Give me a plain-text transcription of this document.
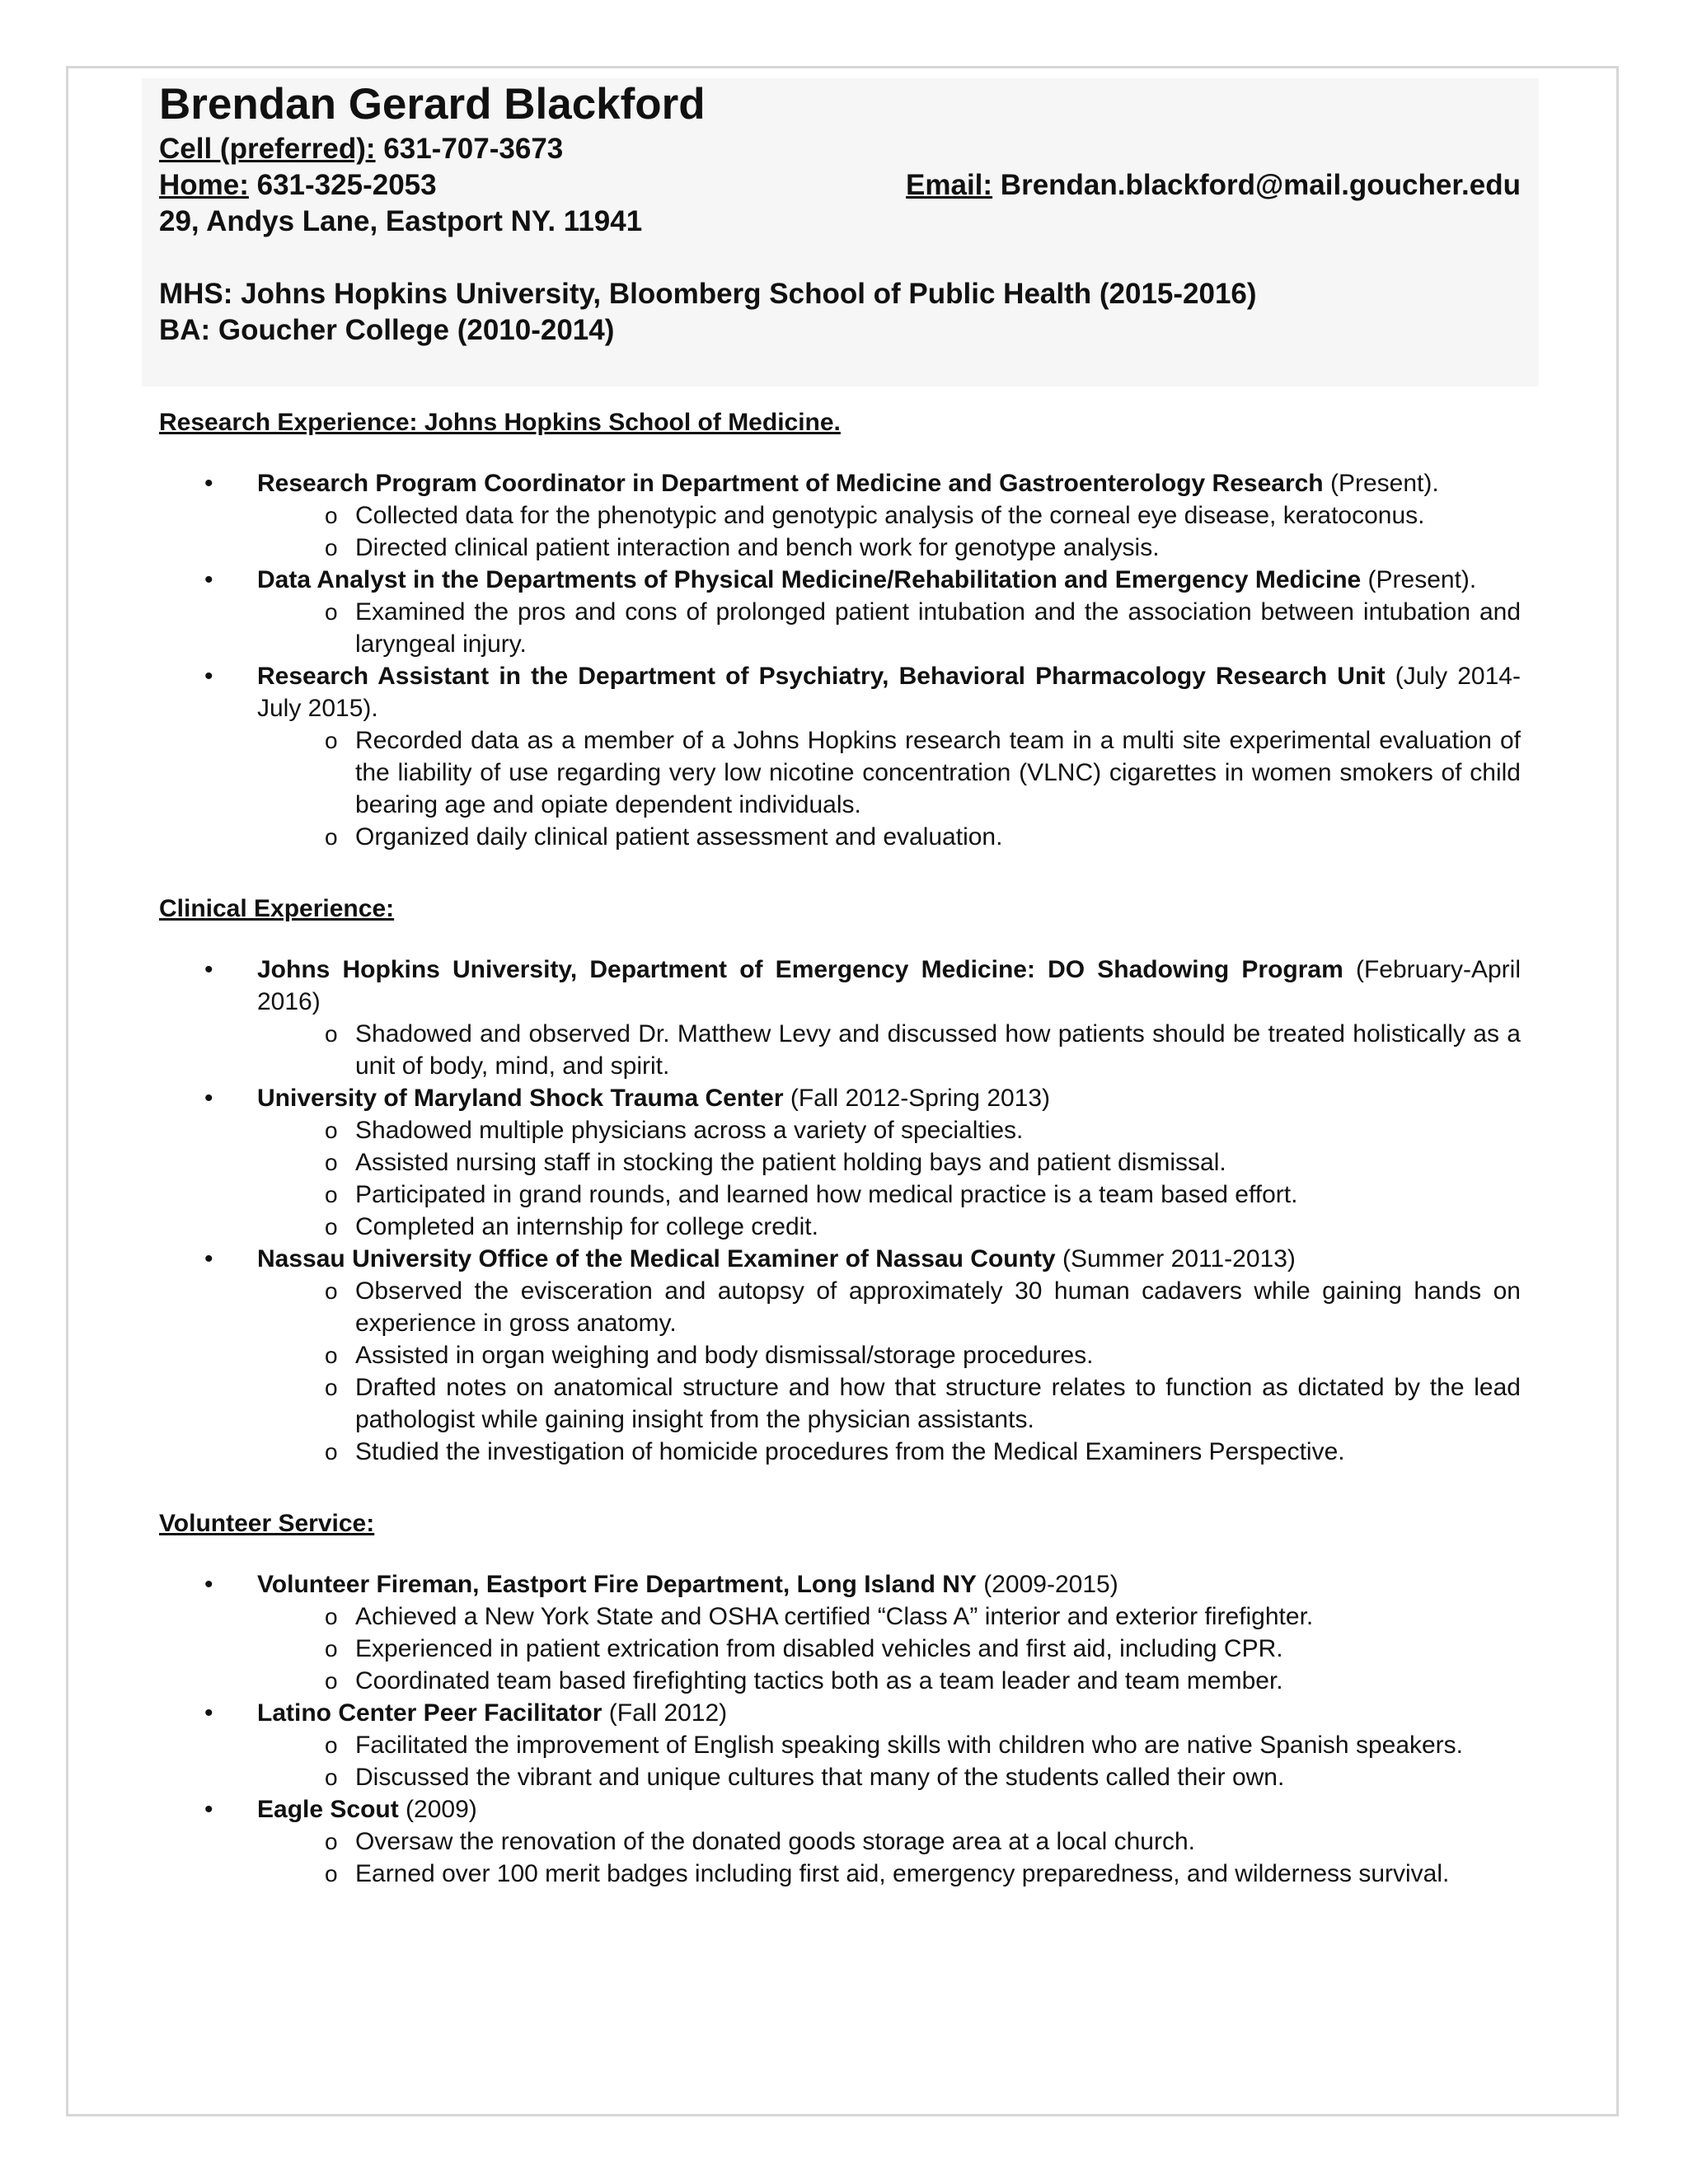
Brendan Gerard Blackford
Cell (preferred): 631-707-3673
Home: 631-325-2053	Email: Brendan.blackford@mail.goucher.edu
29, Andys Lane, Eastport NY. 11941
MHS: Johns Hopkins University, Bloomberg School of Public Health (2015-2016)
BA: Goucher College (2010-2014)

Research Experience: Johns Hopkins School of Medicine.

• Research Program Coordinator in Department of Medicine and Gastroenterology Research (Present).
o Collected data for the phenotypic and genotypic analysis of the corneal eye disease, keratoconus.
o Directed clinical patient interaction and bench work for genotype analysis.
• Data Analyst in the Departments of Physical Medicine/Rehabilitation and Emergency Medicine (Present).
o Examined the pros and cons of prolonged patient intubation and the association between intubation and laryngeal injury.
• Research Assistant in the Department of Psychiatry, Behavioral Pharmacology Research Unit (July 2014- July 2015).
o Recorded data as a member of a Johns Hopkins research team in a multi site experimental evaluation of the liability of use regarding very low nicotine concentration (VLNC) cigarettes in women smokers of child bearing age and opiate dependent individuals.
o Organized daily clinical patient assessment and evaluation.

Clinical Experience:

• Johns Hopkins University, Department of Emergency Medicine: DO Shadowing Program (February-April 2016)
o Shadowed and observed Dr. Matthew Levy and discussed how patients should be treated holistically as a unit of body, mind, and spirit.
• University of Maryland Shock Trauma Center (Fall 2012-Spring 2013)
o Shadowed multiple physicians across a variety of specialties.
o Assisted nursing staff in stocking the patient holding bays and patient dismissal.
o Participated in grand rounds, and learned how medical practice is a team based effort.
o Completed an internship for college credit.
• Nassau University Office of the Medical Examiner of Nassau County (Summer 2011-2013)
o Observed the evisceration and autopsy of approximately 30 human cadavers while gaining hands on experience in gross anatomy.
o Assisted in organ weighing and body dismissal/storage procedures.
o Drafted notes on anatomical structure and how that structure relates to function as dictated by the lead pathologist while gaining insight from the physician assistants.
o Studied the investigation of homicide procedures from the Medical Examiners Perspective.

Volunteer Service:

• Volunteer Fireman, Eastport Fire Department, Long Island NY (2009-2015)
o Achieved a New York State and OSHA certified “Class A” interior and exterior firefighter.
o Experienced in patient extrication from disabled vehicles and first aid, including CPR.
o Coordinated team based firefighting tactics both as a team leader and team member.
• Latino Center Peer Facilitator (Fall 2012)
o Facilitated the improvement of English speaking skills with children who are native Spanish speakers.
o Discussed the vibrant and unique cultures that many of the students called their own.
• Eagle Scout (2009)
o Oversaw the renovation of the donated goods storage area at a local church.
o Earned over 100 merit badges including first aid, emergency preparedness, and wilderness survival.
